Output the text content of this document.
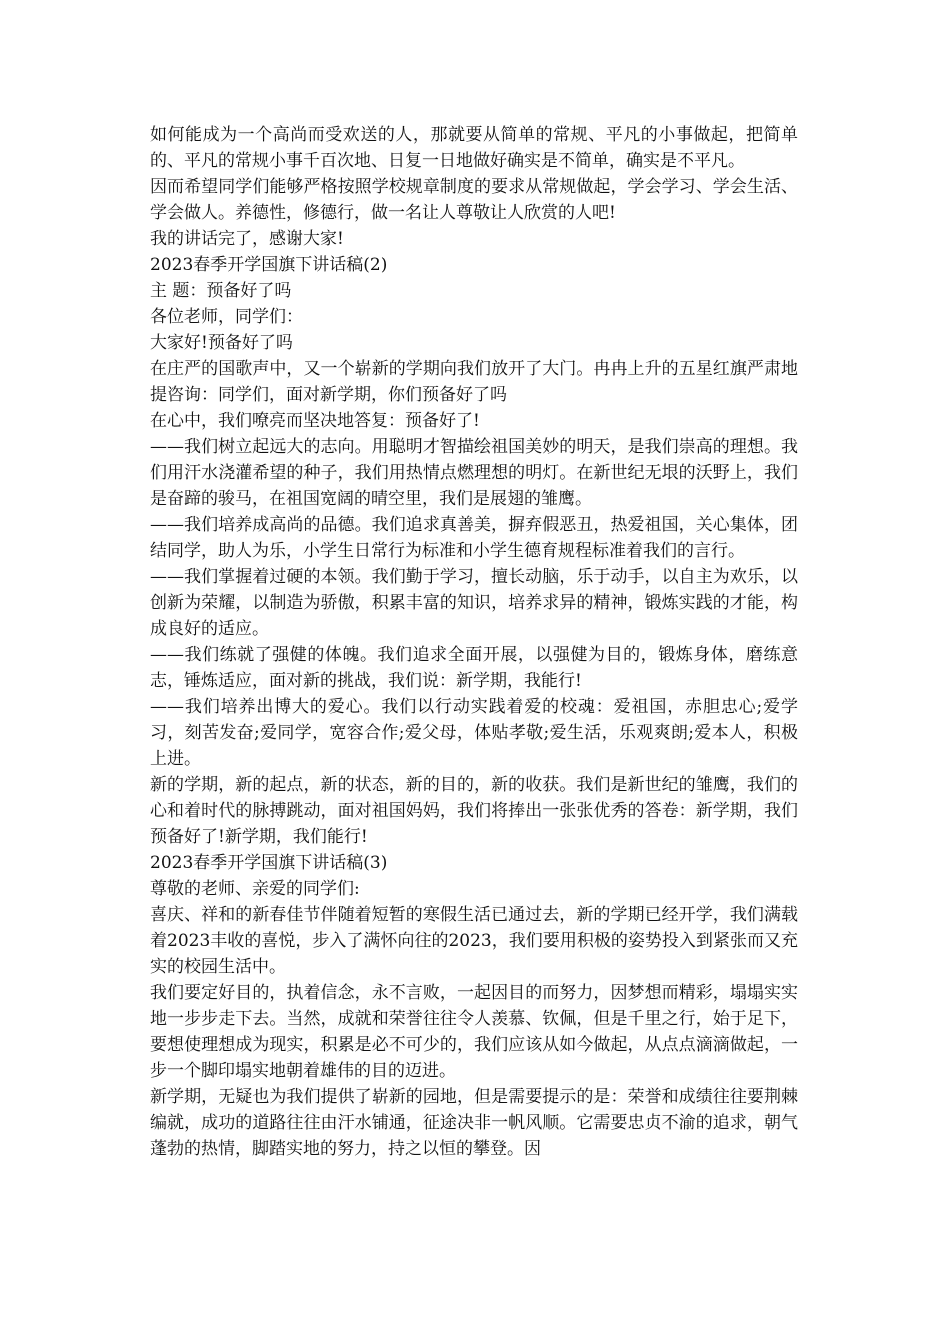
如何能成为一个高尚而受欢送的人，那就要从简单的常规、平凡的小事做起，把简单的、平凡的常规小事千百次地、日复一日地做好确实是不简单，确实是不平凡。

因而希望同学们能够严格按照学校规章制度的要求从常规做起，学会学习、学会生活、学会做人。养德性，修德行，做一名让人尊敬让人欣赏的人吧!

我的讲话完了，感谢大家!

2023春季开学国旗下讲话稿(2)

主 题：预备好了吗

各位老师，同学们：

大家好!预备好了吗

在庄严的国歌声中，又一个崭新的学期向我们放开了大门。冉冉上升的五星红旗严肃地提咨询：同学们，面对新学期，你们预备好了吗

在心中，我们嘹亮而坚决地答复：预备好了!

——我们树立起远大的志向。用聪明才智描绘祖国美妙的明天，是我们崇高的理想。我们用汗水浇灌希望的种子，我们用热情点燃理想的明灯。在新世纪无垠的沃野上，我们是奋蹄的骏马，在祖国宽阔的晴空里，我们是展翅的雏鹰。

——我们培养成高尚的品德。我们追求真善美，摒弃假恶丑，热爱祖国，关心集体，团结同学，助人为乐，小学生日常行为标准和小学生德育规程标准着我们的言行。

——我们掌握着过硬的本领。我们勤于学习，擅长动脑，乐于动手，以自主为欢乐，以创新为荣耀，以制造为骄傲，积累丰富的知识，培养求异的精神，锻炼实践的才能，构成良好的适应。

——我们练就了强健的体魄。我们追求全面开展，以强健为目的，锻炼身体，磨练意志，锤炼适应，面对新的挑战，我们说：新学期，我能行!

——我们培养出博大的爱心。我们以行动实践着爱的校魂：爱祖国，赤胆忠心;爱学习，刻苦发奋;爱同学，宽容合作;爱父母，体贴孝敬;爱生活，乐观爽朗;爱本人，积极上进。

新的学期，新的起点，新的状态，新的目的，新的收获。我们是新世纪的雏鹰，我们的心和着时代的脉搏跳动，面对祖国妈妈，我们将捧出一张张优秀的答卷：新学期，我们预备好了!新学期，我们能行!

2023春季开学国旗下讲话稿(3)

尊敬的老师、亲爱的同学们:

喜庆、祥和的新春佳节伴随着短暂的寒假生活已通过去，新的学期已经开学，我们满载着2023丰收的喜悦，步入了满怀向往的2023，我们要用积极的姿势投入到紧张而又充实的校园生活中。

我们要定好目的，执着信念，永不言败，一起因目的而努力，因梦想而精彩，塌塌实实地一步步走下去。当然，成就和荣誉往往令人羡慕、钦佩，但是千里之行，始于足下，要想使理想成为现实，积累是必不可少的，我们应该从如今做起，从点点滴滴做起，一步一个脚印塌实地朝着雄伟的目的迈进。

新学期，无疑也为我们提供了崭新的园地，但是需要提示的是：荣誉和成绩往往要荆棘编就，成功的道路往往由汗水铺通，征途决非一帆风顺。它需要忠贞不渝的追求，朝气蓬勃的热情，脚踏实地的努力，持之以恒的攀登。因
